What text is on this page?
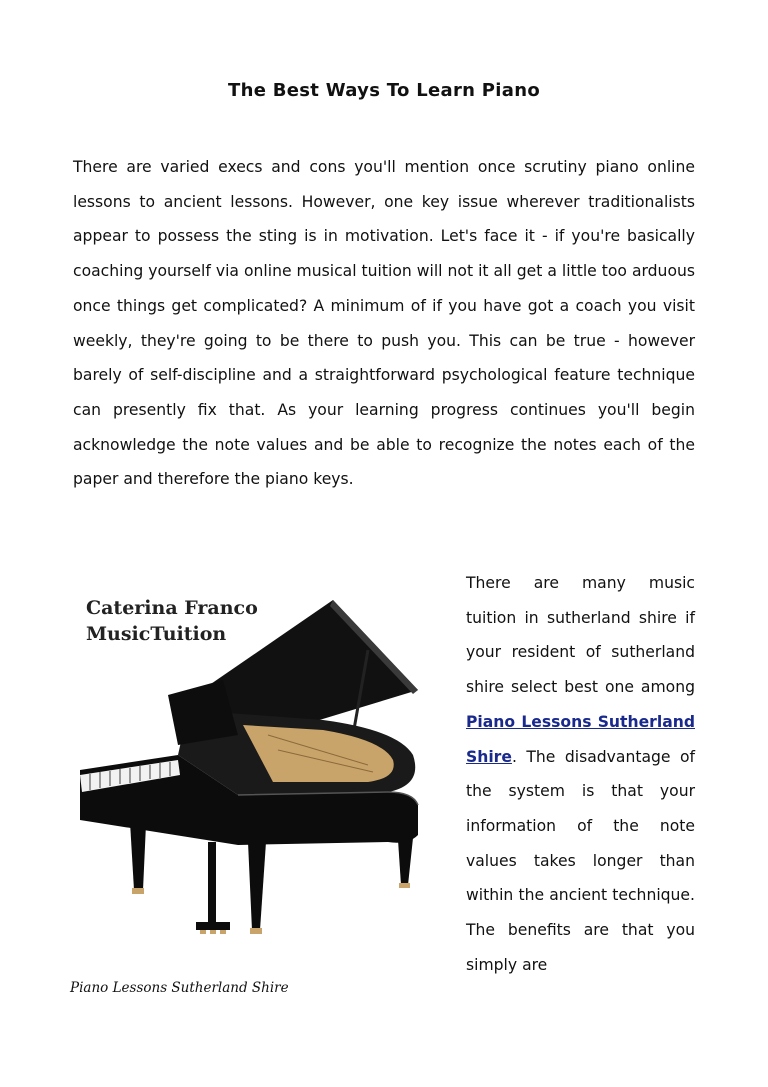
The Best Ways To Learn Piano

There are varied execs and cons you'll mention once scrutiny piano online lessons to ancient lessons. However, one key issue wherever traditionalists appear to possess the sting is in motivation. Let's face it - if you're basically coaching yourself via online musical tuition will not it all get a little too arduous once things get complicated? A minimum of if you have got a coach you visit weekly, they're going to be there to push you. This can be true - however barely of self-discipline and a straightforward psychological feature technique can presently fix that. As your learning progress continues you'll begin acknowledge the note values and be able to recognize the notes each of the paper and therefore the piano keys.

Caterina Franco
MusicTuition
Piano Lessons Sutherland Shire

There are many music tuition in sutherland shire if your resident of sutherland shire select best one among Piano Lessons Sutherland Shire. The disadvantage of the system is that your information of the note values takes longer than within the ancient technique. The benefits are that you simply are
